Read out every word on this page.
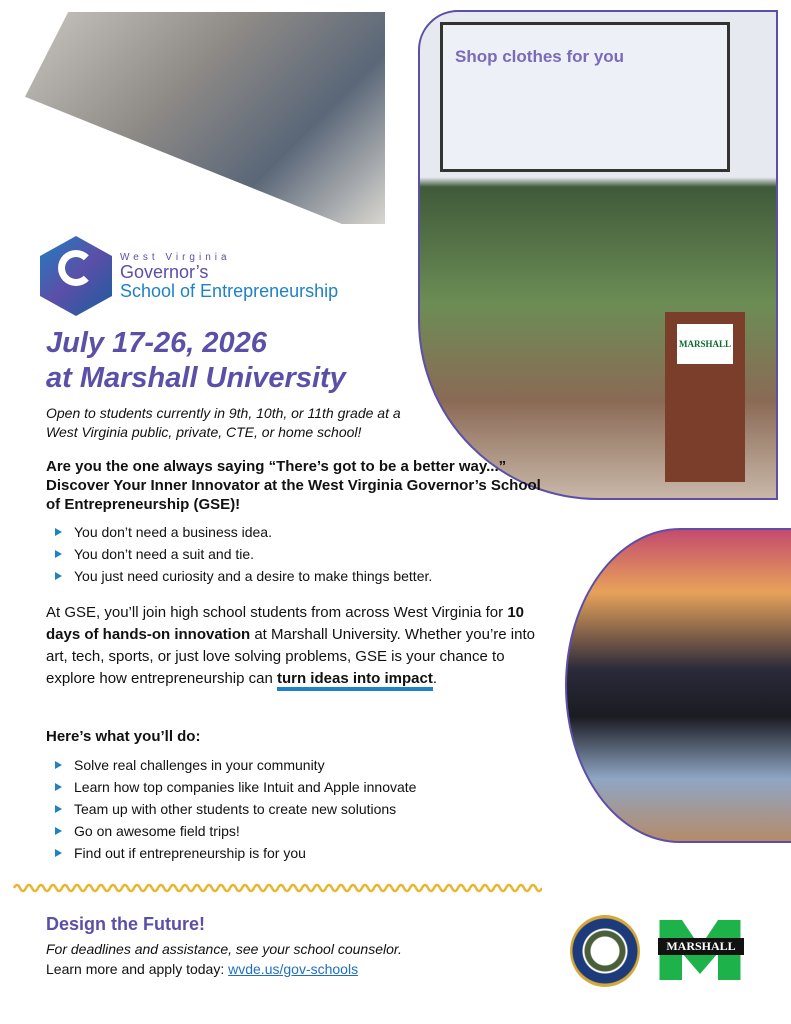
Shop clothes for you
MARSHALL
West Virginia
Governor’s
School of Entrepreneurship
July 17-26, 2026
at Marshall University
Open to students currently in 9th, 10th, or 11th grade at a
West Virginia public, private, CTE, or home school!
Are you the one always saying “There’s got to be a better way...” Discover Your Inner Innovator at the West Virginia Governor’s School of Entrepreneurship (GSE)!
You don’t need a business idea.
You don’t need a suit and tie.
You just need curiosity and a desire to make things better.

At GSE, you’ll join high school students from across West Virginia for 10 days of hands-on innovation at Marshall University. Whether you’re into art, tech, sports, or just love solving problems, GSE is your chance to explore how entrepreneurship can turn ideas into impact.

Here’s what you’ll do:
Solve real challenges in your community
Learn how top companies like Intuit and Apple innovate
Team up with other students to create new solutions
Go on awesome field trips!
Find out if entrepreneurship is for you
Design the Future!
For deadlines and assistance, see your school counselor.
Learn more and apply today: wvde.us/gov-schools
MARSHALL
